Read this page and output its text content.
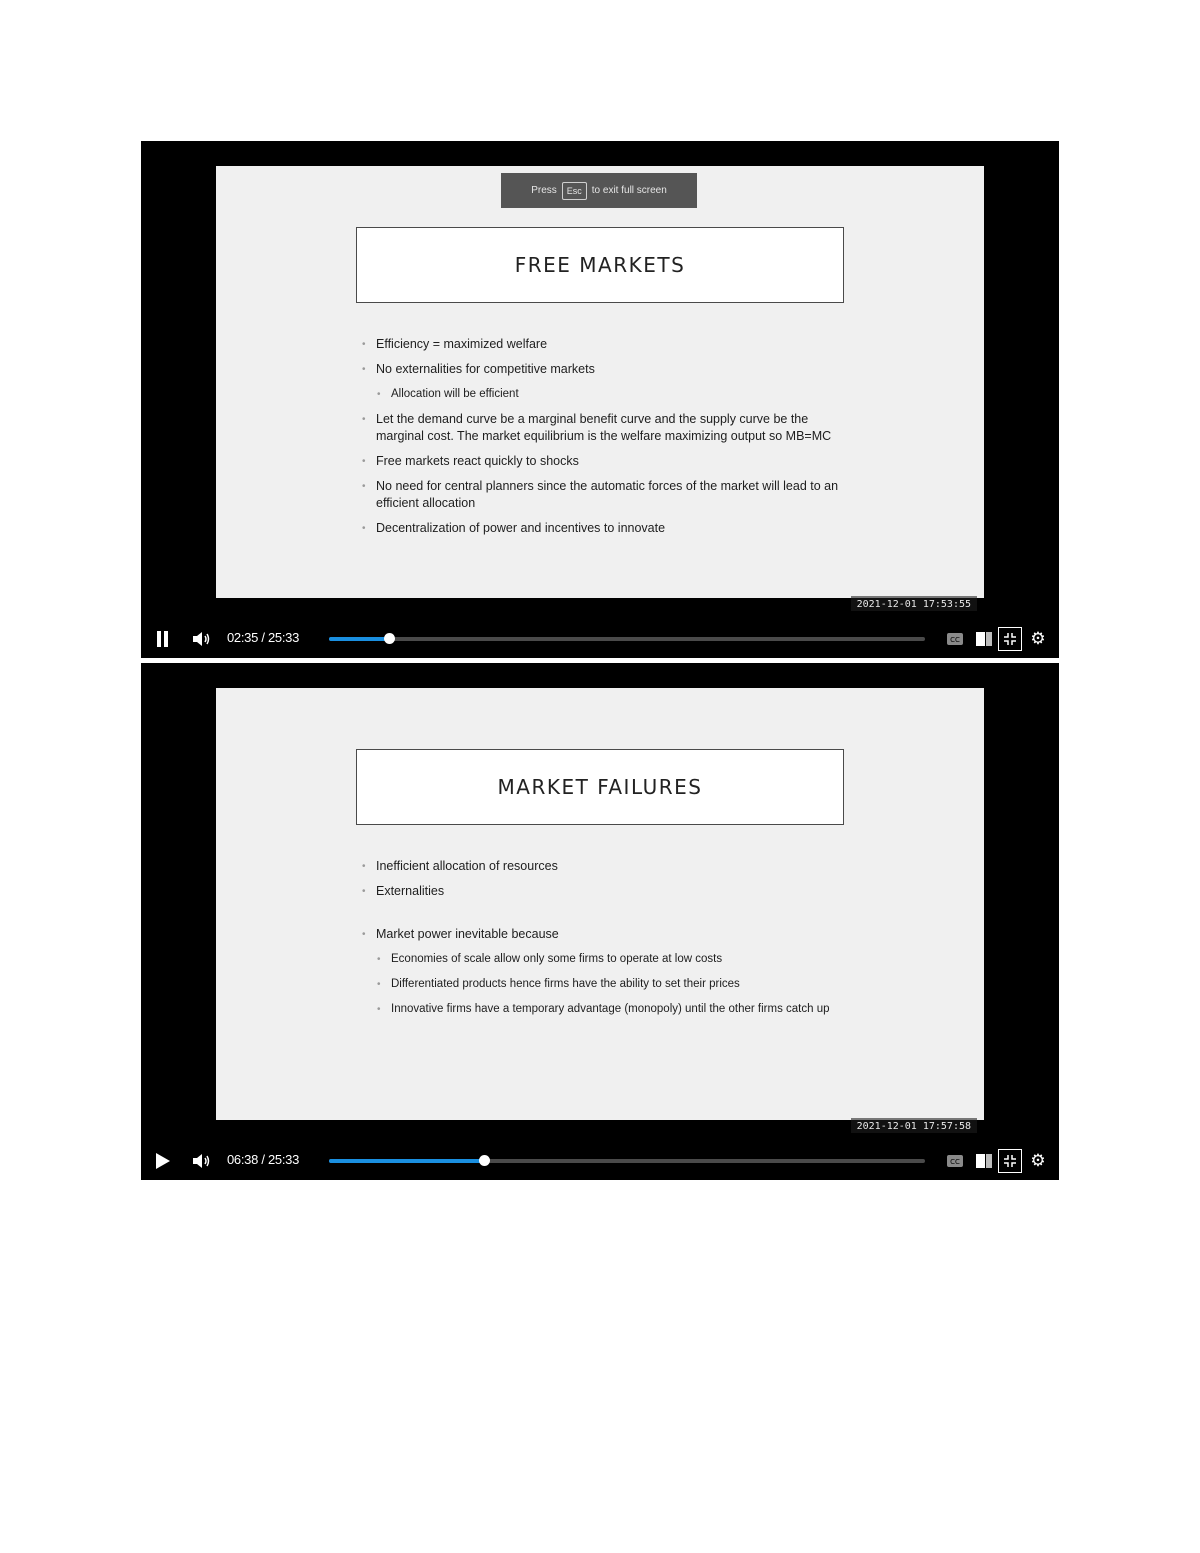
Press	Esc	to exit full screen
FREE MARKETS
• Efficiency = maximized welfare
• No externalities for competitive markets
• Allocation will be efficient
• Let the demand curve be a marginal benefit curve and the supply curve be the marginal cost. The market equilibrium is the welfare maximizing output so MB=MC
• Free markets react quickly to shocks
• No need for central planners since the automatic forces of the market will lead to an efficient allocation
• Decentralization of power and incentives to innovate
2021-12-01 17:53:55
02:35 / 25:33	CC	⚙
MARKET FAILURES
• Inefficient allocation of resources
• Externalities
• Market power inevitable because
• Economies of scale allow only some firms to operate at low costs
• Differentiated products hence firms have the ability to set their prices
• Innovative firms have a temporary advantage (monopoly) until the other firms catch up
2021-12-01 17:57:58
06:38 / 25:33	CC	⚙
